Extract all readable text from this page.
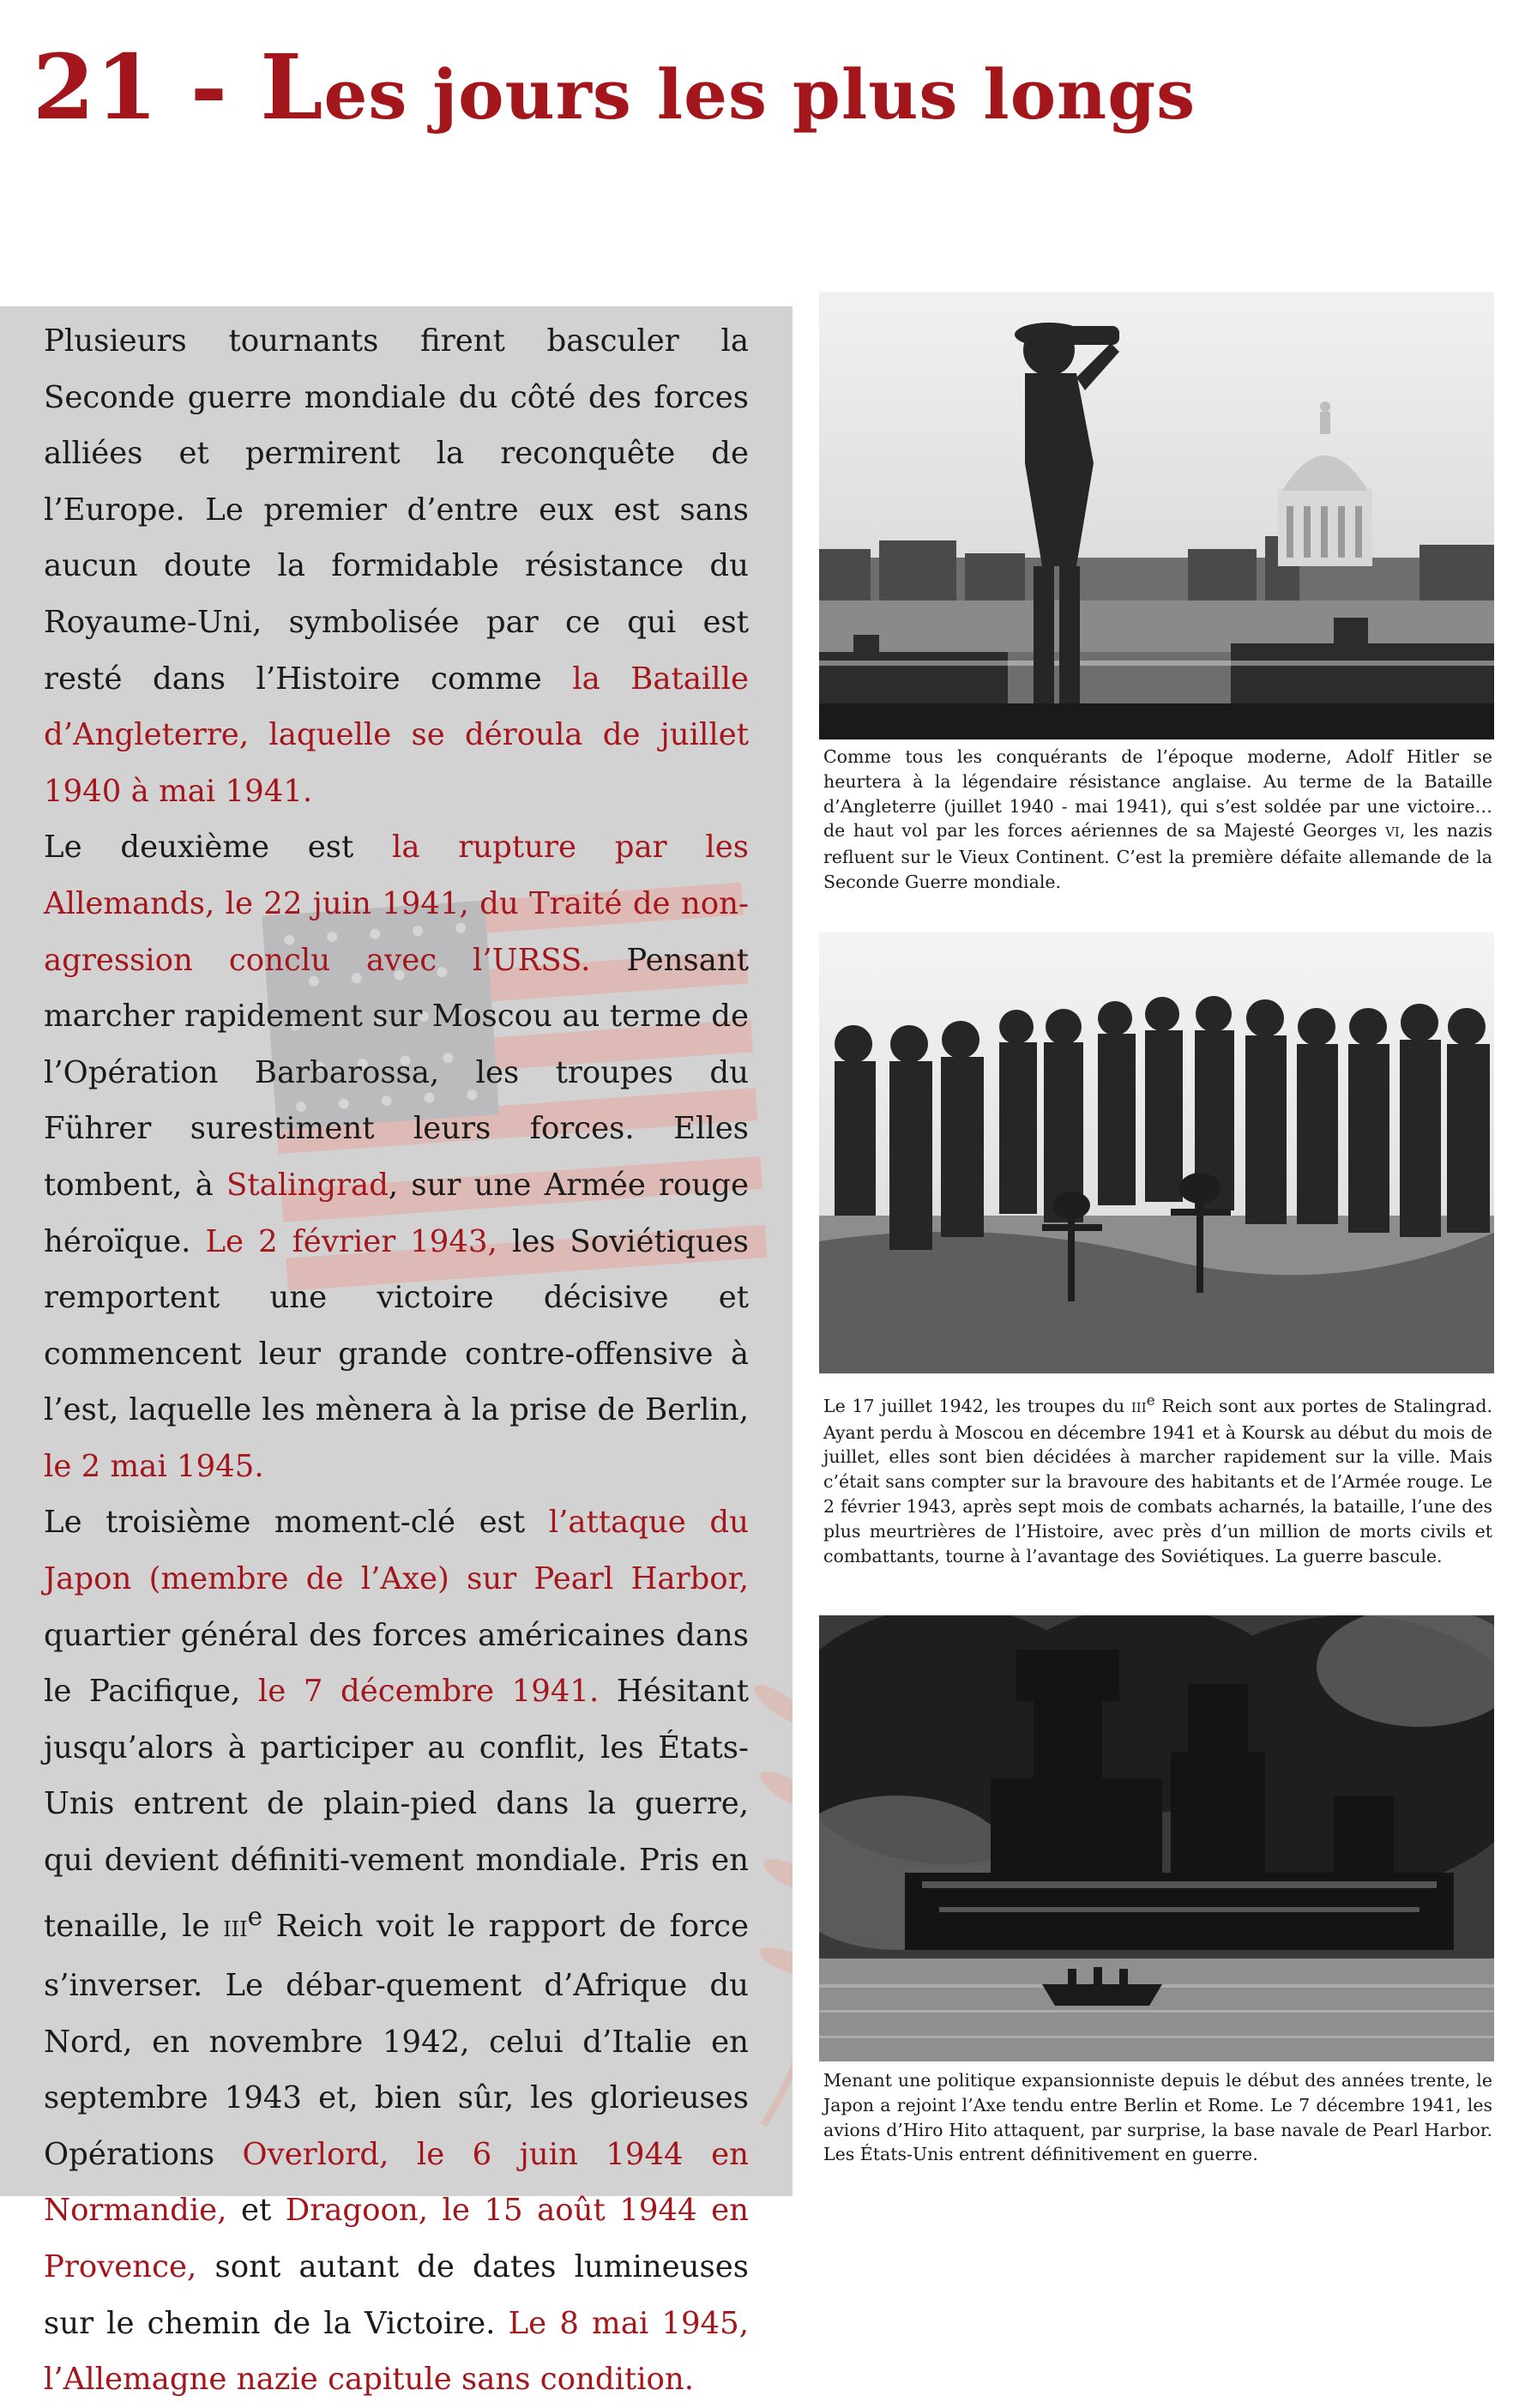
21 - Les jours les plus longs

Plusieurs tournants firent basculer la Seconde guerre mondiale du côté des forces alliées et permirent la reconquête de l’Europe. Le premier d’entre eux est sans aucun doute la formidable résistance du Royaume-Uni, symbolisée par ce qui est resté dans l’Histoire comme la Bataille d’Angleterre, laquelle se déroula de juillet 1940 à mai 1941.

Le deuxième est la rupture par les Allemands, le 22 juin 1941, du Traité de non-agression conclu avec l’URSS. Pensant marcher rapidement sur Moscou au terme de l’Opération Barbarossa, les troupes du Führer surestiment leurs forces. Elles tombent, à Stalingrad, sur une Armée rouge héroïque. Le 2 février 1943, les Soviétiques remportent une victoire décisive et commencent leur grande contre-offensive à l’est, laquelle les mènera à la prise de Berlin, le 2 mai 1945.

Le troisième moment-clé est l’attaque du Japon (membre de l’Axe) sur Pearl Harbor, quartier général des forces américaines dans le Pacifique, le 7 décembre 1941. Hésitant jusqu’alors à participer au conflit, les États-Unis entrent de plain-pied dans la guerre, qui devient définiti-vement mondiale. Pris en tenaille, le IIIe Reich voit le rapport de force s’inverser. Le débar-quement d’Afrique du Nord, en novembre 1942, celui d’Italie en septembre 1943 et, bien sûr, les glorieuses Opérations Overlord, le 6 juin 1944 en Normandie, et Dragoon, le 15 août 1944 en Provence, sont autant de dates lumineuses sur le chemin de la Victoire. Le 8 mai 1945, l’Allemagne nazie capitule sans condition.

Comme tous les conquérants de l’époque moderne, Adolf Hitler se heurtera à la légendaire résistance anglaise. Au terme de la Bataille d’Angleterre (juillet 1940 - mai 1941), qui s’est soldée par une victoire… de haut vol par les forces aériennes de sa Majesté Georges VI, les nazis refluent sur le Vieux Continent. C’est la première défaite allemande de la Seconde Guerre mondiale.

Le 17 juillet 1942, les troupes du IIIe Reich sont aux portes de Stalingrad. Ayant perdu à Moscou en décembre 1941 et à Koursk au début du mois de juillet, elles sont bien décidées à marcher rapidement sur la ville. Mais c’était sans compter sur la bravoure des habitants et de l’Armée rouge. Le 2 février 1943, après sept mois de combats acharnés, la bataille, l’une des plus meurtrières de l’Histoire, avec près d’un million de morts civils et combattants, tourne à l’avantage des Soviétiques. La guerre bascule.

Menant une politique expansionniste depuis le début des années trente, le Japon a rejoint l’Axe tendu entre Berlin et Rome. Le 7 décembre 1941, les avions d’Hiro Hito attaquent, par surprise, la base navale de Pearl Harbor. Les États-Unis entrent définitivement en guerre.
